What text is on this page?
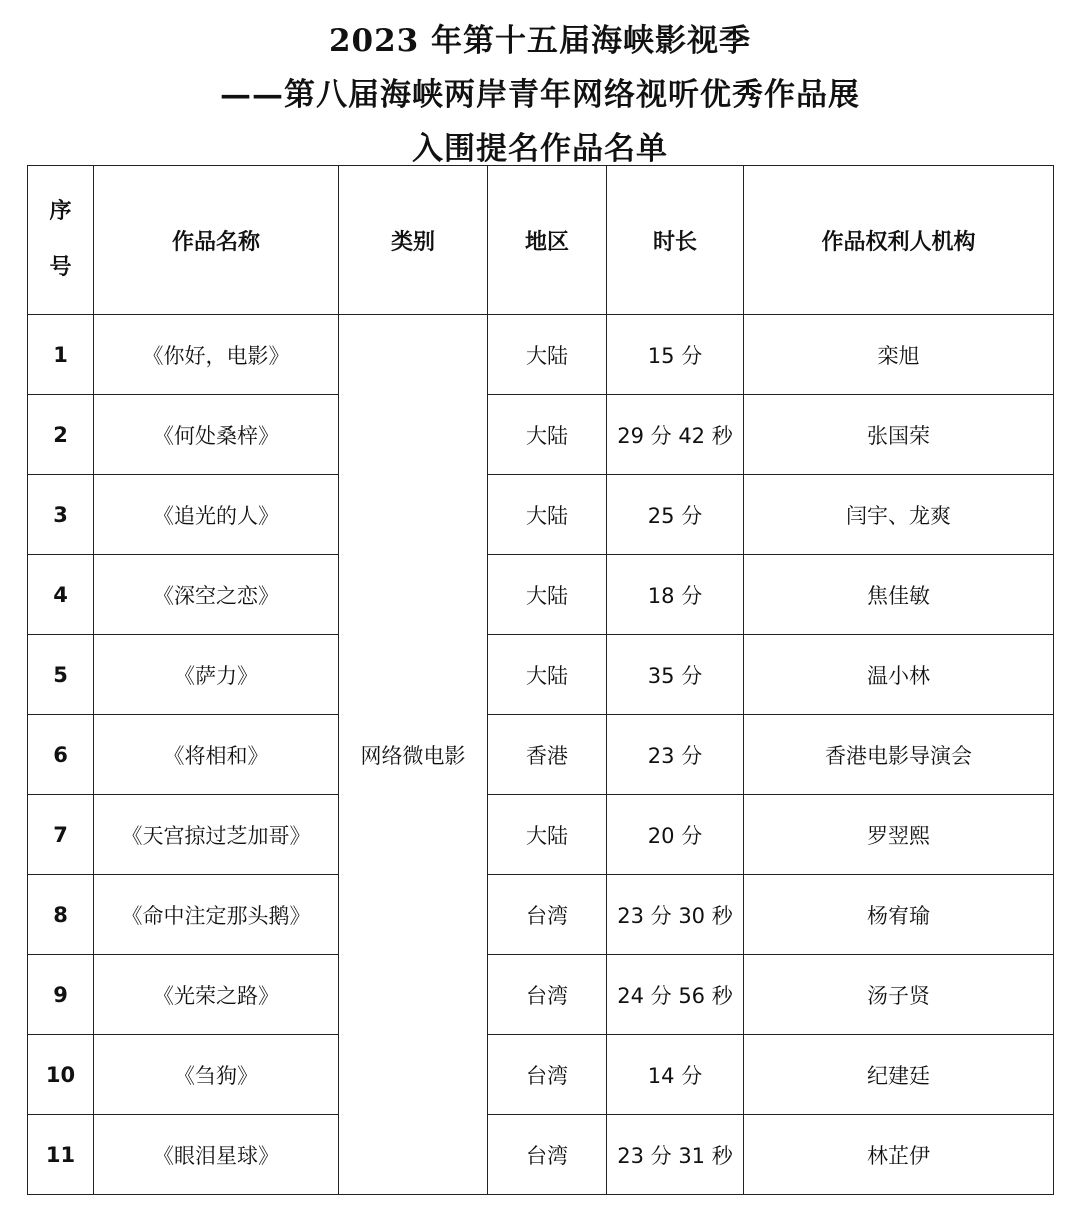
2023 年第十五届海峡影视季
——第八届海峡两岸青年网络视听优秀作品展
入围提名作品名单
序
号	作品名称	类别	地区	时长	作品权利人机构
1	《你好，电影》	网络微电影	大陆	15 分	栾旭
2	《何处桑梓》		大陆	29 分 42 秒	张国荣
3	《追光的人》		大陆	25 分	闫宇、龙爽
4	《深空之恋》		大陆	18 分	焦佳敏
5	《萨力》		大陆	35 分	温小林
6	《将相和》		香港	23 分	香港电影导演会
7	《天宫掠过芝加哥》		大陆	20 分	罗翌熙
8	《命中注定那头鹅》		台湾	23 分 30 秒	杨宥瑜
9	《光荣之路》		台湾	24 分 56 秒	汤子贤
10	《刍狗》		台湾	14 分	纪建廷
11	《眼泪星球》		台湾	23 分 31 秒	林芷伊
